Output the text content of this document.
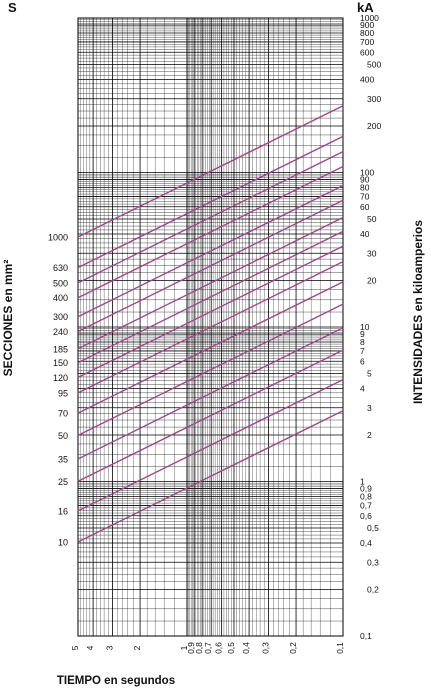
1000
630
500
400
300
240
185
150
120
95
70
50
35
25
16
10
1000
900
800
700
600
500
400
300
200
100
90
80
70
60
50
40
30
20
10
9
8
7
6
5
4
3
2
1
0,9
0,8
0,7
0,6
0,5
0,4
0,3
0,2
0,1
5 4 3 2	1
0,9
0,8 0,7 0,6 0,5 0,4 0,3 0,2	0,1
S	kA
SECCIONES en mm²	INTENSIDADES en kiloamperios
TIEMPO en segundos
